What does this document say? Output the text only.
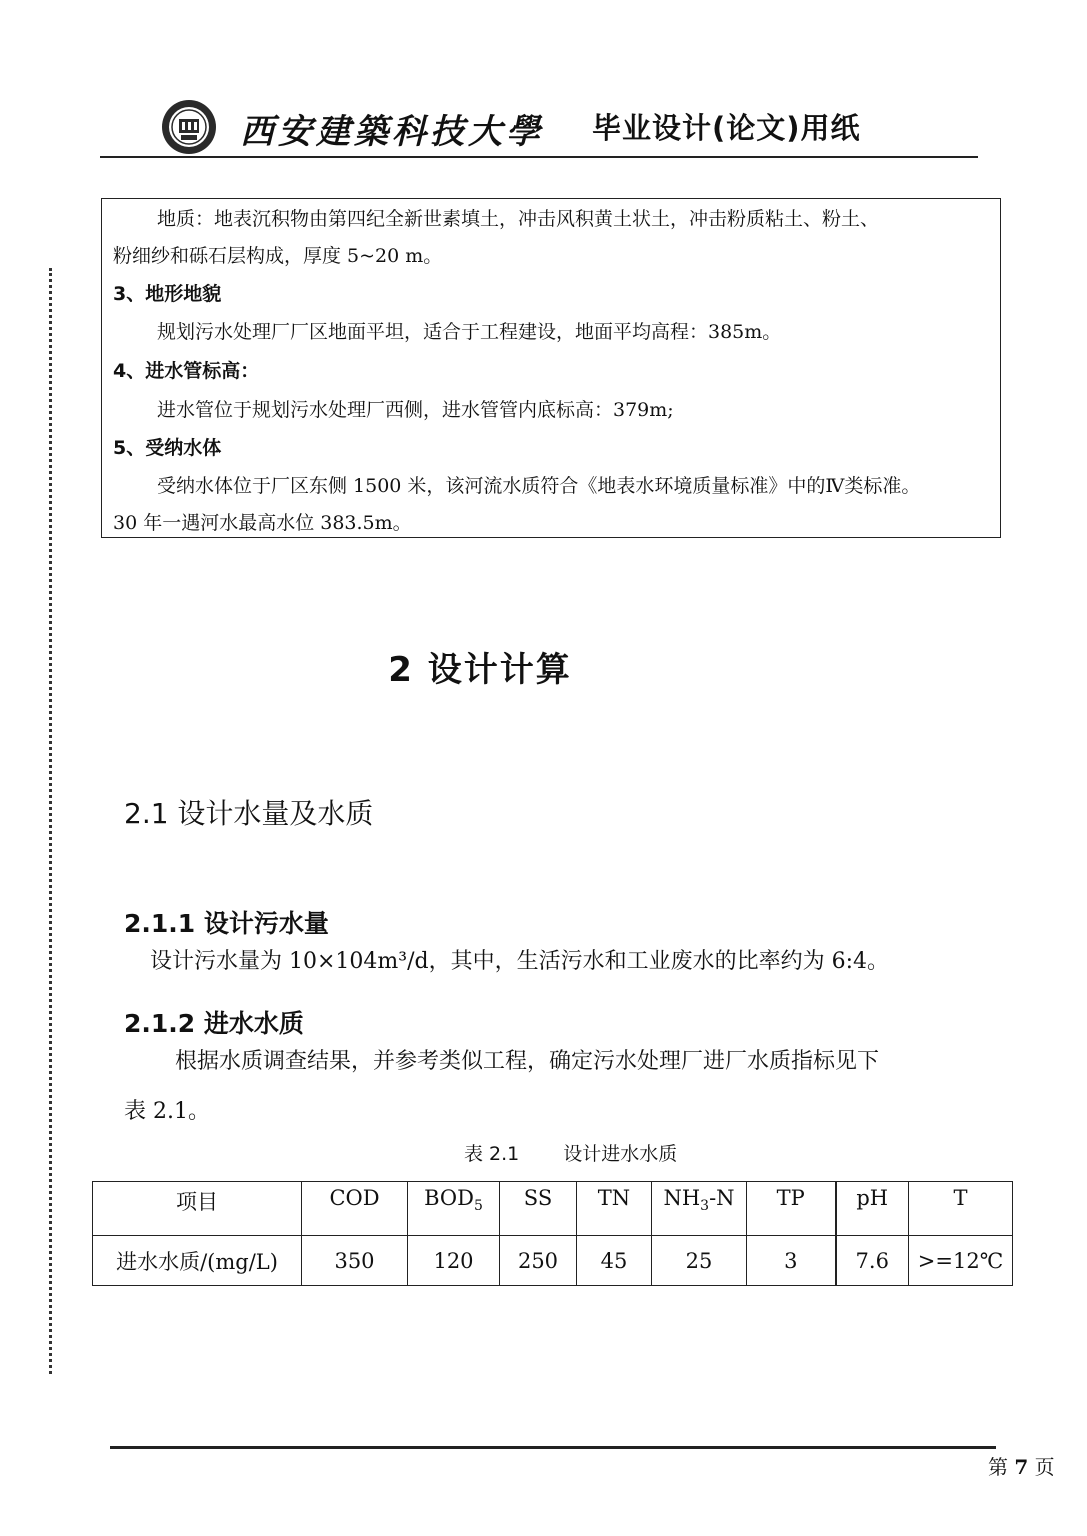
西安建築科技大學 毕业设计(论文)用纸
地质：地表沉积物由第四纪全新世素填土，冲击风积黄土状土，冲击粉质粘土、粉土、
粉细纱和砾石层构成，厚度 5~20 m。
3、地形地貌
规划污水处理厂厂区地面平坦，适合于工程建设，地面平均高程：385m。
4、进水管标高：
进水管位于规划污水处理厂西侧，进水管管内底标高：379m;
5、受纳水体
受纳水体位于厂区东侧 1500 米，该河流水质符合《地表水环境质量标准》中的Ⅳ类标准。
30 年一遇河水最高水位 383.5m。
2 设计计算
2.1 设计水量及水质
2.1.1 设计污水量
设计污水量为 10×104m³/d，其中，生活污水和工业废水的比率约为 6:4。
2.1.2 进水水质
根据水质调查结果，并参考类似工程，确定污水处理厂进厂水质指标见下
表 2.1。
表 2.1 设计进水水质
项目	COD	$BOD_5$	SS	TN	$NH_3-N$	TP	pH	T
进水水质/(mg/L)	350	120	250	45	25	3	7.6	>=12℃
第 7 页
